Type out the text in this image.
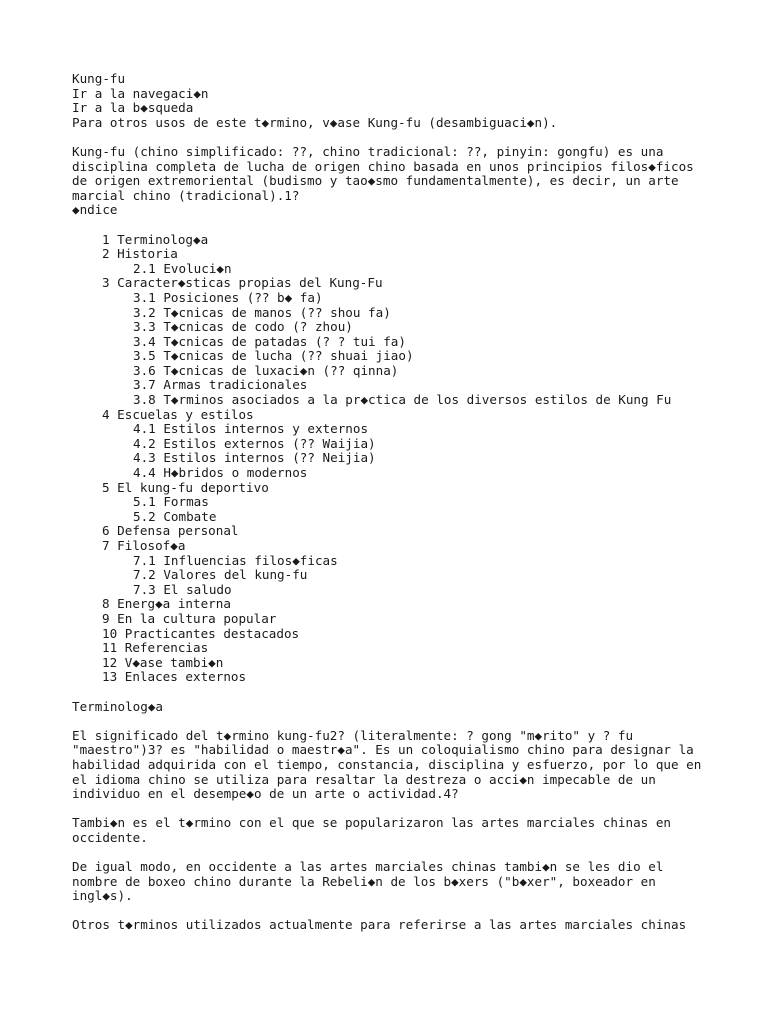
Kung-fu
Ir a la navegaci◆n
Ir a la b◆squeda
Para otros usos de este t◆rmino, v◆ase Kung-fu (desambiguaci◆n).
Kung-fu (chino simplificado: ??, chino tradicional: ??, pinyin: gongfu) es una
disciplina completa de lucha de origen chino basada en unos principios filos◆ficos
de origen extremoriental (budismo y tao◆smo fundamentalmente), es decir, un arte
marcial chino (tradicional).1?
◆ndice
1 Terminolog◆a
2 Historia
2.1 Evoluci◆n
3 Caracter◆sticas propias del Kung-Fu
3.1 Posiciones (?? b◆ fa)
3.2 T◆cnicas de manos (?? shou fa)
3.3 T◆cnicas de codo (? zhou)
3.4 T◆cnicas de patadas (? ? tui fa)
3.5 T◆cnicas de lucha (?? shuai jiao)
3.6 T◆cnicas de luxaci◆n (?? qinna)
3.7 Armas tradicionales
3.8 T◆rminos asociados a la pr◆ctica de los diversos estilos de Kung Fu
4 Escuelas y estilos
4.1 Estilos internos y externos
4.2 Estilos externos (?? Waijia)
4.3 Estilos internos (?? Neijia)
4.4 H◆bridos o modernos
5 El kung-fu deportivo
5.1 Formas
5.2 Combate
6 Defensa personal
7 Filosof◆a
7.1 Influencias filos◆ficas
7.2 Valores del kung-fu
7.3 El saludo
8 Energ◆a interna
9 En la cultura popular
10 Practicantes destacados
11 Referencias
12 V◆ase tambi◆n
13 Enlaces externos
Terminolog◆a
El significado del t◆rmino kung-fu2? (literalmente: ? gong "m◆rito" y ? fu
"maestro")3? es "habilidad o maestr◆a". Es un coloquialismo chino para designar la
habilidad adquirida con el tiempo, constancia, disciplina y esfuerzo, por lo que en
el idioma chino se utiliza para resaltar la destreza o acci◆n impecable de un
individuo en el desempe◆o de un arte o actividad.4?
Tambi◆n es el t◆rmino con el que se popularizaron las artes marciales chinas en
occidente.
De igual modo, en occidente a las artes marciales chinas tambi◆n se les dio el
nombre de boxeo chino durante la Rebeli◆n de los b◆xers ("b◆xer", boxeador en
ingl◆s).
Otros t◆rminos utilizados actualmente para referirse a las artes marciales chinas
